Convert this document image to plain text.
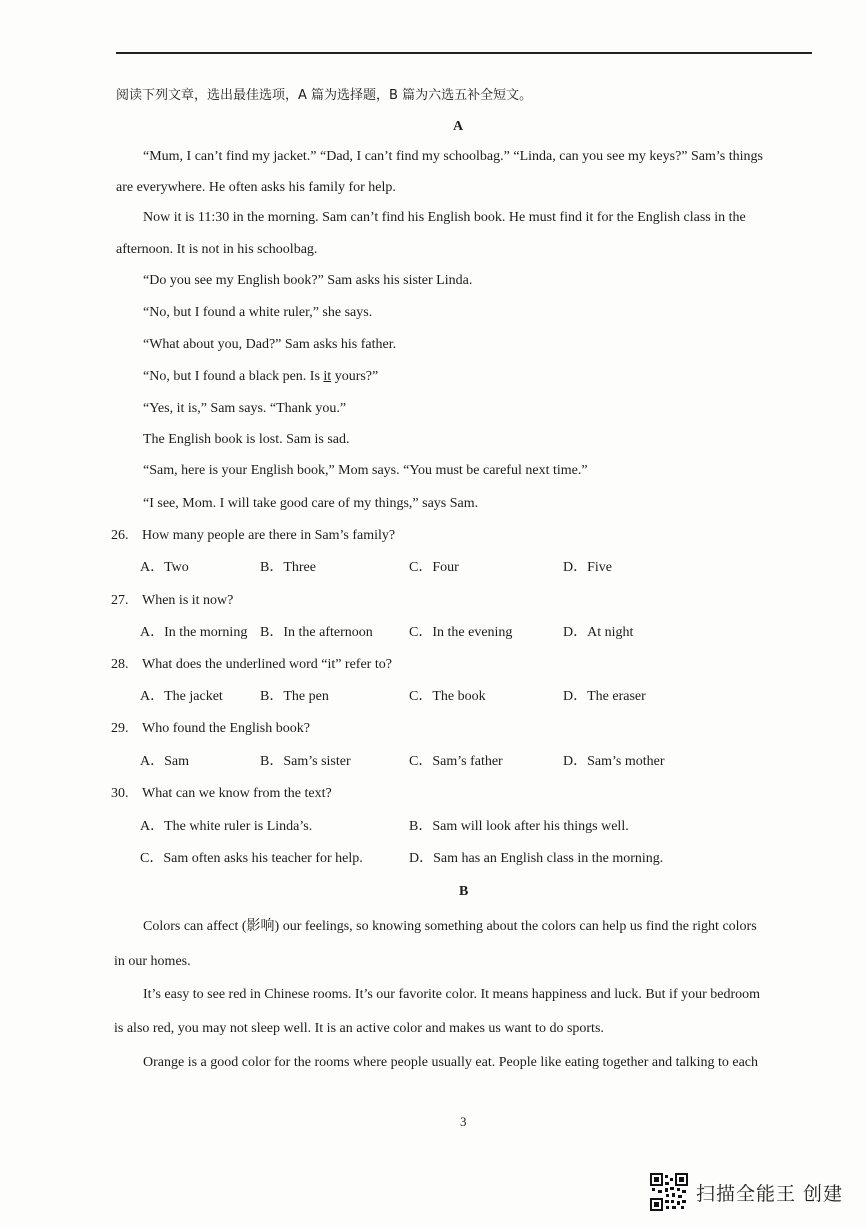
阅读下列文章，选出最佳选项，A 篇为选择题，B 篇为六选五补全短文。
A
“Mum, I can’t find my jacket.” “Dad, I can’t find my schoolbag.” “Linda, can you see my keys?” Sam’s things
are everywhere. He often asks his family for help.
Now it is 11:30 in the morning. Sam can’t find his English book. He must find it for the English class in the
afternoon. It is not in his schoolbag.
“Do you see my English book?” Sam asks his sister Linda.
“No, but I found a white ruler,” she says.
“What about you, Dad?” Sam asks his father.
“No, but I found a black pen. Is it yours?”
“Yes, it is,” Sam says. “Thank you.”
The English book is lost. Sam is sad.
“Sam, here is your English book,” Mom says. “You must be careful next time.”
“I see, Mom. I will take good care of my things,” says Sam.
26. How many people are there in Sam’s family?
A．Two	B．Three	C．Four	D．Five
27. When is it now?
A．In the morning B．In the afternoon	C．In the evening	D．At night
28. What does the underlined word “it” refer to?
A．The jacket	B．The pen	C．The book	D．The eraser
29. Who found the English book?
A．Sam	B．Sam’s sister	C．Sam’s father	D．Sam’s mother
30. What can we know from the text?
A．The white ruler is Linda’s.	B．Sam will look after his things well.
C．Sam often asks his teacher for help.	D．Sam has an English class in the morning.
B
Colors can affect (影响) our feelings, so knowing something about the colors can help us find the right colors
in our homes.
It’s easy to see red in Chinese rooms. It’s our favorite color. It means happiness and luck. But if your bedroom
is also red, you may not sleep well. It is an active color and makes us want to do sports.
Orange is a good color for the rooms where people usually eat. People like eating together and talking to each
3
扫描全能王 创建
